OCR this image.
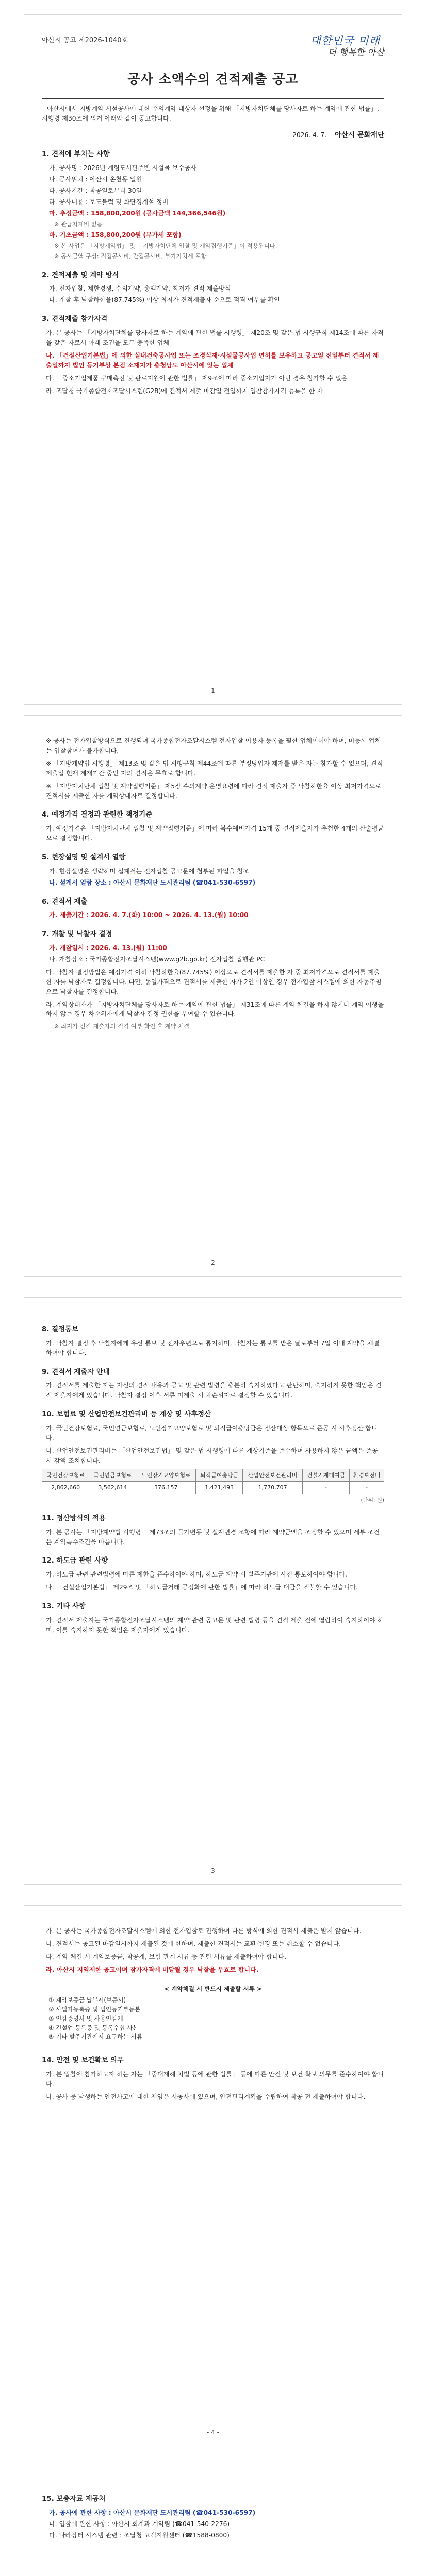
아산시 공고 제2026-1040호	대한민국 미래
더 행복한 아산
공사 소액수의 견적제출 공고
아산시에서 지방계약 시설공사에 대한 수의계약 대상자 선정을 위해 「지방자치단체를 당사자로 하는 계약에 관한 법률」, 시행령 제30조에 의거 아래와 같이 공고합니다.
2026. 4. 7. 아산시 문화재단
1. 견적에 부치는 사항
가. 공사명 : 2026년 계림도서관주변 시설물 보수공사
나. 공사위치 : 아산시 온천동 일원
다. 공사기간 : 착공일로부터 30일
라. 공사내용 : 보도블럭 및 화단경계석 정비
마. 추정금액 : 158,800,200원 (공사금액 144,366,546원)
※ 관급자재비 없음
바. 기초금액 : 158,800,200원 (부가세 포함)
※ 본 사업은 「지방계약법」 및 「지방자치단체 입찰 및 계약집행기준」이 적용됩니다.
※ 공사금액 구성: 직접공사비, 간접공사비, 부가가치세 포함
2. 견적제출 및 계약 방식
가. 전자입찰, 제한경쟁, 수의계약, 총액계약, 최저가 견적 제출방식
나. 개찰 후 낙찰하한율(87.745%) 이상 최저가 견적제출자 순으로 적격 여부를 확인
3. 견적제출 참가자격
가. 본 공사는 「지방자치단체를 당사자로 하는 계약에 관한 법률 시행령」 제20조 및 같은 법 시행규칙 제14조에 따른 자격을 갖춘 자로서 아래 조건을 모두 충족한 업체
나. 「건설산업기본법」에 의한 실내건축공사업 또는 조경식재·시설물공사업 면허를 보유하고 공고일 전일부터 견적서 제출일까지 법인 등기부상 본점 소재지가 충청남도 아산시에 있는 업체
다. 「중소기업제품 구매촉진 및 판로지원에 관한 법률」 제9조에 따라 중소기업자가 아닌 경우 참가할 수 없음
라. 조달청 국가종합전자조달시스템(G2B)에 견적서 제출 마감일 전일까지 입찰참가자격 등록을 한 자
- 1 -
※ 공사는 전자입찰방식으로 진행되며 국가종합전자조달시스템 전자입찰 이용자 등록을 필한 업체이어야 하며, 미등록 업체는 입찰참여가 불가합니다.
※ 「지방계약법 시행령」 제13조 및 같은 법 시행규칙 제44조에 따른 부정당업자 제재를 받은 자는 참가할 수 없으며, 견적 제출일 현재 제재기간 중인 자의 견적은 무효로 합니다.
※ 「지방자치단체 입찰 및 계약집행기준」 제5장 수의계약 운영요령에 따라 견적 제출자 중 낙찰하한율 이상 최저가격으로 견적서를 제출한 자를 계약상대자로 결정합니다.
4. 예정가격 결정과 관련한 책정기준
가. 예정가격은 「지방자치단체 입찰 및 계약집행기준」에 따라 복수예비가격 15개 중 견적제출자가 추첨한 4개의 산술평균으로 결정합니다.
5. 현장설명 및 설계서 열람
가. 현장설명은 생략하며 설계서는 전자입찰 공고문에 첨부된 파일을 참조
나. 설계서 열람 장소 : 아산시 문화재단 도시관리팀 (☎041-530-6597)
6. 견적서 제출
가. 제출기간 : 2026. 4. 7.(화) 10:00 ~ 2026. 4. 13.(월) 10:00
7. 개찰 및 낙찰자 결정
가. 개찰일시 : 2026. 4. 13.(월) 11:00
나. 개찰장소 : 국가종합전자조달시스템(www.g2b.go.kr) 전자입찰 집행관 PC
다. 낙찰자 결정방법은 예정가격 이하 낙찰하한율(87.745%) 이상으로 견적서를 제출한 자 중 최저가격으로 견적서를 제출한 자를 낙찰자로 결정합니다. 다만, 동일가격으로 견적서를 제출한 자가 2인 이상인 경우 전자입찰 시스템에 의한 자동추첨으로 낙찰자를 결정합니다.
라. 계약상대자가 「지방자치단체를 당사자로 하는 계약에 관한 법률」 제31조에 따른 계약 체결을 하지 않거나 계약 이행을 하지 않는 경우 차순위자에게 낙찰자 결정 권한을 부여할 수 있습니다.
※ 최저가 견적 제출자의 적격 여부 확인 후 계약 체결
- 2 -
8. 결정통보
가. 낙찰자 결정 후 낙찰자에게 유선 통보 및 전자우편으로 통지하며, 낙찰자는 통보를 받은 날로부터 7일 이내 계약을 체결하여야 합니다.
9. 견적서 제출자 안내
가. 견적서를 제출한 자는 자신의 견적 내용과 공고 및 관련 법령을 충분히 숙지하였다고 판단하며, 숙지하지 못한 책임은 견적 제출자에게 있습니다. 낙찰자 결정 이후 서류 미제출 시 차순위자로 결정할 수 있습니다.
10. 보험료 및 산업안전보건관리비 등 계상 및 사후정산
가. 국민건강보험료, 국민연금보험료, 노인장기요양보험료 및 퇴직급여충당금은 정산대상 항목으로 준공 시 사후정산 합니다.
나. 산업안전보건관리비는 「산업안전보건법」 및 같은 법 시행령에 따른 계상기준을 준수하며 사용하지 않은 금액은 준공 시 감액 조치합니다.
국민건강보험료	국민연금보험료	노인장기요양보험료	퇴직급여충당금	산업안전보건관리비	건설기계대여금	환경보전비
2,862,660	3,562,614	376,157	1,421,493	1,770,707	-	-
(단위: 원)
11. 정산방식의 적용
가. 본 공사는 「지방계약법 시행령」 제73조의 물가변동 및 설계변경 조항에 따라 계약금액을 조정할 수 있으며 세부 조건은 계약특수조건을 따릅니다.
12. 하도급 관련 사항
가. 하도급 관련 관련법령에 따른 제한을 준수하여야 하며, 하도급 계약 시 발주기관에 사전 통보하여야 합니다.
나. 「건설산업기본법」 제29조 및 「하도급거래 공정화에 관한 법률」에 따라 하도급 대금을 직불할 수 있습니다.
13. 기타 사항
가. 견적서 제출자는 국가종합전자조달시스템의 계약 관련 공고문 및 관련 법령 등을 견적 제출 전에 열람하여 숙지하여야 하며, 이를 숙지하지 못한 책임은 제출자에게 있습니다.
- 3 -
가. 본 공사는 국가종합전자조달시스템에 의한 전자입찰로 진행하며 다른 방식에 의한 견적서 제출은 받지 않습니다.
나. 견적서는 공고된 마감일시까지 제출된 것에 한하며, 제출한 견적서는 교환·변경 또는 취소할 수 없습니다.
다. 계약 체결 시 계약보증금, 착공계, 보험 관계 서류 등 관련 서류를 제출하여야 합니다.
라. 아산시 지역제한 공고이며 참가자격에 미달될 경우 낙찰을 무효로 합니다.
< 계약체결 시 반드시 제출할 서류 >
① 계약보증금 납부서(보증서)
② 사업자등록증 및 법인등기부등본
③ 인감증명서 및 사용인감계
④ 건설업 등록증 및 등록수첩 사본
⑤ 기타 발주기관에서 요구하는 서류
14. 안전 및 보건확보 의무
가. 본 입찰에 참가하고자 하는 자는 「중대재해 처벌 등에 관한 법률」 등에 따른 안전 및 보건 확보 의무를 준수하여야 합니다.
나. 공사 중 발생하는 안전사고에 대한 책임은 시공사에 있으며, 안전관리계획을 수립하여 착공 전 제출하여야 합니다.
- 4 -
15. 보충자료 제공처
가. 공사에 관한 사항 : 아산시 문화재단 도시관리팀 (☎041-530-6597)
나. 입찰에 관한 사항 : 아산시 회계과 계약팀 (☎041-540-2276)
다. 나라장터 시스템 관련 : 조달청 고객지원센터 (☎1588-0800)
